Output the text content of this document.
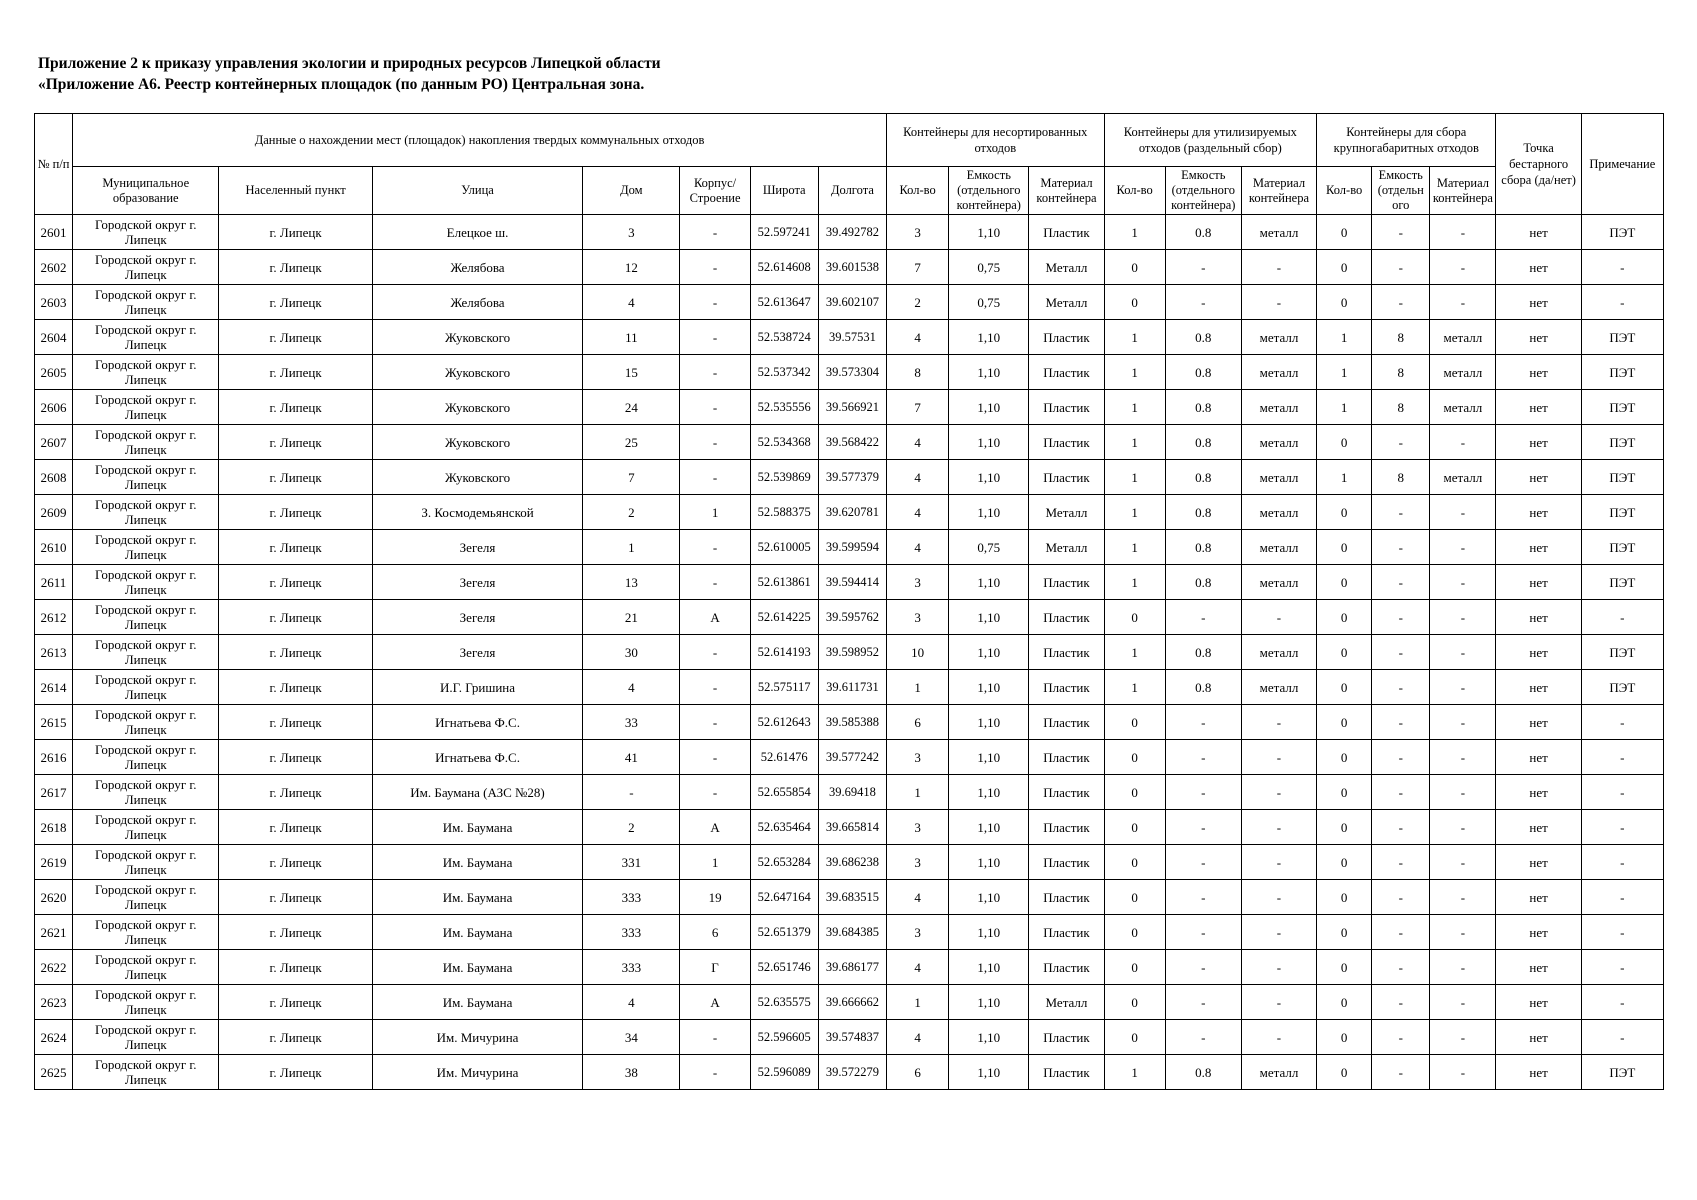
Приложение 2 к приказу управления экологии и природных ресурсов Липецкой области
«Приложение А6. Реестр контейнерных площадок (по данным РО) Центральная зона.
№ п/п	Данные о нахождении мест (площадок) накопления твердых коммунальных отходов							Контейнеры для несортированных отходов			Контейнеры для утилизируемых отходов (раздельный сбор)			Контейнеры для сбора крупногабаритных отходов			Точка бестарного сбора (да/нет)	Примечание
	Муниципальное образование	Населенный пункт	Улица	Дом	Корпус/ Строение	Широта	Долгота	Кол-во	Емкость (отдельного контейнера)	Материал контейнера	Кол-во	Емкость (отдельного контейнера)	Материал контейнера	Кол-во	Емкость (отдельн ого	Материал контейнера		
2601	Городской округ г. Липецк	г. Липецк	Елецкое ш.	3	-	52.597241	39.492782	3	1,10	Пластик	1	0.8	металл	0	-	-	нет	ПЭТ
2602	Городской округ г. Липецк	г. Липецк	Желябова	12	-	52.614608	39.601538	7	0,75	Металл	0	-	-	0	-	-	нет	-
2603	Городской округ г. Липецк	г. Липецк	Желябова	4	-	52.613647	39.602107	2	0,75	Металл	0	-	-	0	-	-	нет	-
2604	Городской округ г. Липецк	г. Липецк	Жуковского	11	-	52.538724	39.57531	4	1,10	Пластик	1	0.8	металл	1	8	металл	нет	ПЭТ
2605	Городской округ г. Липецк	г. Липецк	Жуковского	15	-	52.537342	39.573304	8	1,10	Пластик	1	0.8	металл	1	8	металл	нет	ПЭТ
2606	Городской округ г. Липецк	г. Липецк	Жуковского	24	-	52.535556	39.566921	7	1,10	Пластик	1	0.8	металл	1	8	металл	нет	ПЭТ
2607	Городской округ г. Липецк	г. Липецк	Жуковского	25	-	52.534368	39.568422	4	1,10	Пластик	1	0.8	металл	0	-	-	нет	ПЭТ
2608	Городской округ г. Липецк	г. Липецк	Жуковского	7	-	52.539869	39.577379	4	1,10	Пластик	1	0.8	металл	1	8	металл	нет	ПЭТ
2609	Городской округ г. Липецк	г. Липецк	З. Космодемьянской	2	1	52.588375	39.620781	4	1,10	Металл	1	0.8	металл	0	-	-	нет	ПЭТ
2610	Городской округ г. Липецк	г. Липецк	Зегеля	1	-	52.610005	39.599594	4	0,75	Металл	1	0.8	металл	0	-	-	нет	ПЭТ
2611	Городской округ г. Липецк	г. Липецк	Зегеля	13	-	52.613861	39.594414	3	1,10	Пластик	1	0.8	металл	0	-	-	нет	ПЭТ
2612	Городской округ г. Липецк	г. Липецк	Зегеля	21	А	52.614225	39.595762	3	1,10	Пластик	0	-	-	0	-	-	нет	-
2613	Городской округ г. Липецк	г. Липецк	Зегеля	30	-	52.614193	39.598952	10	1,10	Пластик	1	0.8	металл	0	-	-	нет	ПЭТ
2614	Городской округ г. Липецк	г. Липецк	И.Г. Гришина	4	-	52.575117	39.611731	1	1,10	Пластик	1	0.8	металл	0	-	-	нет	ПЭТ
2615	Городской округ г. Липецк	г. Липецк	Игнатьева Ф.С.	33	-	52.612643	39.585388	6	1,10	Пластик	0	-	-	0	-	-	нет	-
2616	Городской округ г. Липецк	г. Липецк	Игнатьева Ф.С.	41	-	52.61476	39.577242	3	1,10	Пластик	0	-	-	0	-	-	нет	-
2617	Городской округ г. Липецк	г. Липецк	Им. Баумана (АЗС №28)	-	-	52.655854	39.69418	1	1,10	Пластик	0	-	-	0	-	-	нет	-
2618	Городской округ г. Липецк	г. Липецк	Им. Баумана	2	А	52.635464	39.665814	3	1,10	Пластик	0	-	-	0	-	-	нет	-
2619	Городской округ г. Липецк	г. Липецк	Им. Баумана	331	1	52.653284	39.686238	3	1,10	Пластик	0	-	-	0	-	-	нет	-
2620	Городской округ г. Липецк	г. Липецк	Им. Баумана	333	19	52.647164	39.683515	4	1,10	Пластик	0	-	-	0	-	-	нет	-
2621	Городской округ г. Липецк	г. Липецк	Им. Баумана	333	6	52.651379	39.684385	3	1,10	Пластик	0	-	-	0	-	-	нет	-
2622	Городской округ г. Липецк	г. Липецк	Им. Баумана	333	Г	52.651746	39.686177	4	1,10	Пластик	0	-	-	0	-	-	нет	-
2623	Городской округ г. Липецк	г. Липецк	Им. Баумана	4	А	52.635575	39.666662	1	1,10	Металл	0	-	-	0	-	-	нет	-
2624	Городской округ г. Липецк	г. Липецк	Им. Мичурина	34	-	52.596605	39.574837	4	1,10	Пластик	0	-	-	0	-	-	нет	-
2625	Городской округ г. Липецк	г. Липецк	Им. Мичурина	38	-	52.596089	39.572279	6	1,10	Пластик	1	0.8	металл	0	-	-	нет	ПЭТ
